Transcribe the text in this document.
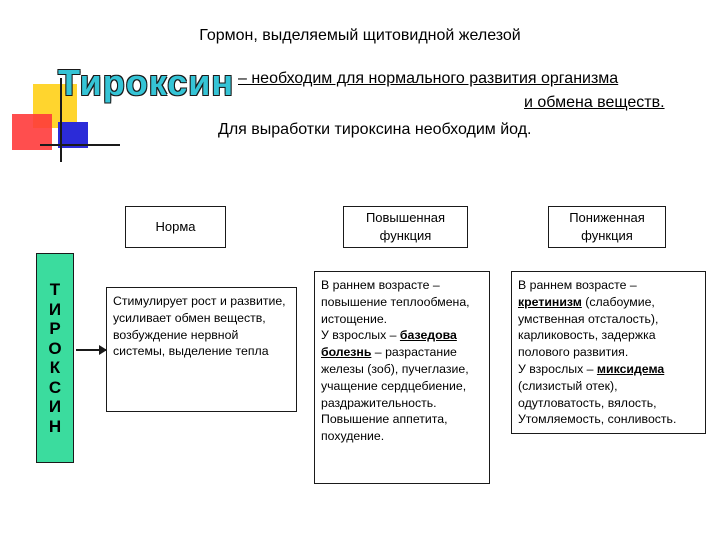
Гормон, выделяемый щитовидной железой
Тироксин – необходим для нормального развития организма
и обмена веществ.
Для выработки тироксина необходим йод.
Норма
Повышенная функция
Пониженная функция
Т
И
Р
О
К
С
И
Н
Стимулирует рост и развитие, усиливает обмен веществ, возбуждение нервной системы, выделение тепла
В раннем возрасте – повышение теплообмена, истощение.
У взрослых – базедова болезнь – разрастание железы (зоб), пучеглазие, учащение сердцебиение, раздражительность. Повышение аппетита, похудение.
В раннем возрасте – кретинизм (слабоумие, умственная отсталость), карликовость, задержка полового развития.
У взрослых – миксидема (слизистый отек), одутловатость, вялость, Утомляемость, сонливость.
